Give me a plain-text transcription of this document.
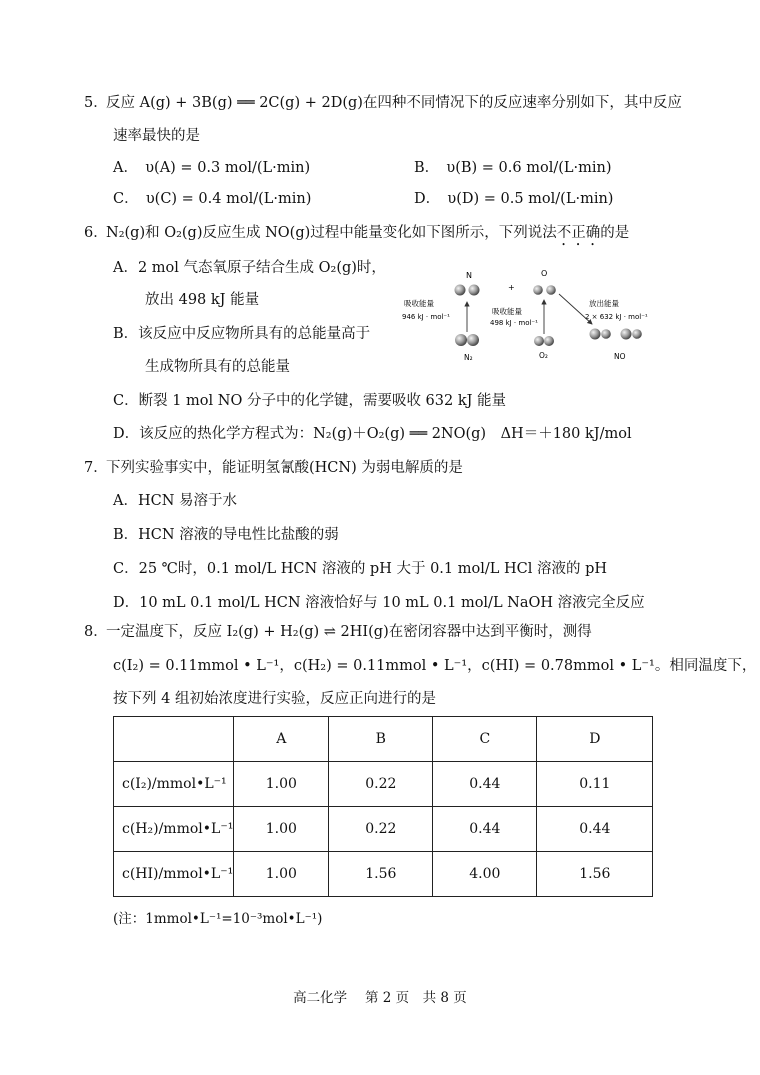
5．
反应 A(g) + 3B(g) ══ 2C(g) + 2D(g)在四种不同情况下的反应速率分别如下，其中反应
速率最快的是
A．　υ(A) = 0.3 mol/(L·min)	B．　υ(B) = 0.6 mol/(L·min)
C．　υ(C) = 0.4 mol/(L·min)	D．　υ(D) = 0.5 mol/(L·min)
6．
N₂(g)和 O₂(g)反应生成 NO(g)过程中能量变化如下图所示，下列说法不正确的是
A．2 mol 气态氧原子结合生成 O₂(g)时，
放出 498 kJ 能量
B．该反应中反应物所具有的总能量高于
生成物所具有的总能量
C．断裂 1 mol NO 分子中的化学键，需要吸收 632 kJ 能量
D．该反应的热化学方程式为：N₂(g)＋O₂(g) ══ 2NO(g)　ΔH＝＋180 kJ/mol
N
+
O
吸收能量
946 kJ · mol⁻¹
吸收能量
498 kJ · mol⁻¹
放出能量
2 × 632 kJ · mol⁻¹
N₂	O₂	NO
7．
下列实验事实中，能证明氢氰酸(HCN) 为弱电解质的是
A．HCN 易溶于水
B．HCN 溶液的导电性比盐酸的弱
C．25 ℃时，0.1 mol/L HCN 溶液的 pH 大于 0.1 mol/L HCl 溶液的 pH
D．10 mL 0.1 mol/L HCN 溶液恰好与 10 mL 0.1 mol/L NaOH 溶液完全反应
8．
一定温度下，反应 I₂(g) + H₂(g) ⇌ 2HI(g)在密闭容器中达到平衡时，测得
c(I₂) = 0.11mmol • L⁻¹，c(H₂) = 0.11mmol • L⁻¹，c(HI) = 0.78mmol • L⁻¹。相同温度下，
按下列 4 组初始浓度进行实验，反应正向进行的是
	A	B	C	D
c(I₂)/mmol•L⁻¹	1.00	0.22	0.44	0.11
c(H₂)/mmol•L⁻¹	1.00	0.22	0.44	0.44
c(HI)/mmol•L⁻¹	1.00	1.56	4.00	1.56
(注：1mmol•L⁻¹=10⁻³mol•L⁻¹)
高二化学　 第 2 页　共 8 页
